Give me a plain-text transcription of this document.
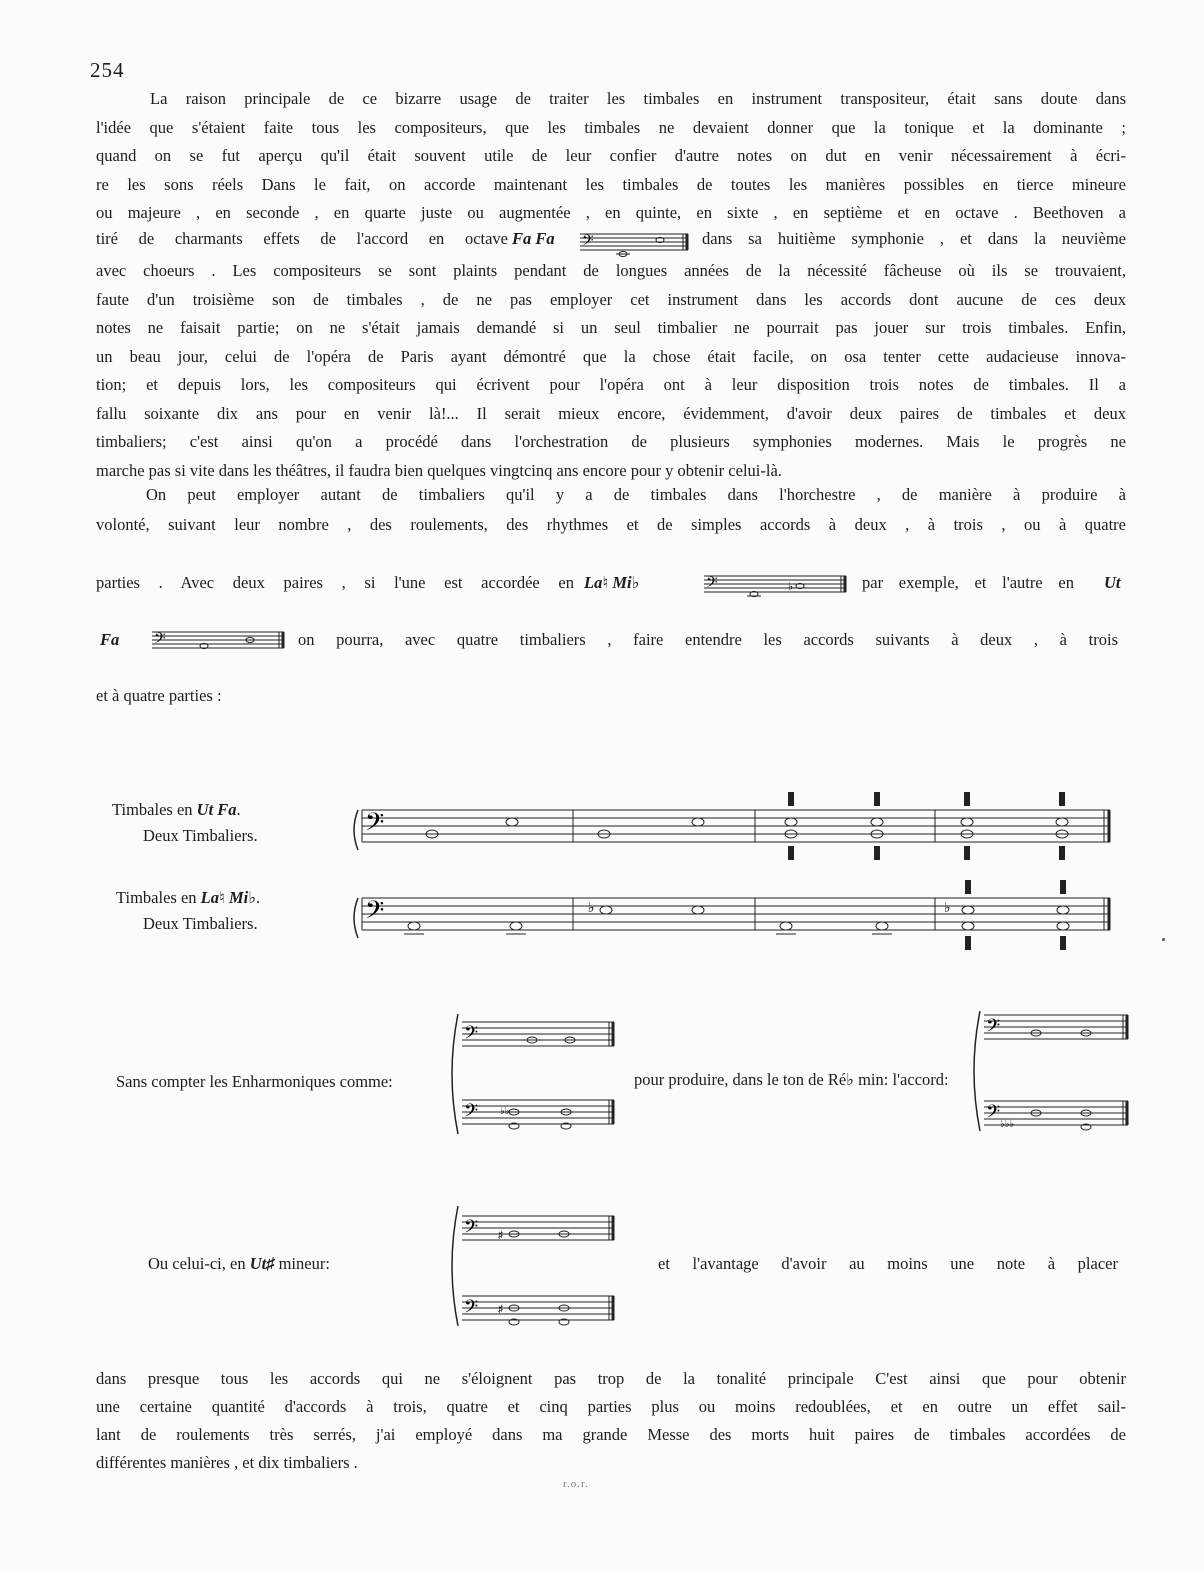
254
La raison principale de ce bizarre usage de traiter les timbales en instrument transpositeur, était sans doute dans
l'idée que s'étaient faite tous les compositeurs, que les timbales ne devaient donner que la tonique et la dominante ;
quand on se fut aperçu qu'il était souvent utile de leur confier d'autre notes on dut en venir nécessairement à écri-
re les sons réels Dans le fait, on accorde maintenant les timbales de toutes les manières possibles en tierce mineure
ou majeure , en seconde , en quarte juste ou augmentée , en quinte, en sixte , en septième et en octave . Beethoven a
tiré de charmants effets de l'accord en octave Fa Fa 𝄢	dans sa huitième symphonie , et dans la neuvième
avec choeurs . Les compositeurs se sont plaints pendant de longues années de la nécessité fâcheuse où ils se trouvaient,
faute d'un troisième son de timbales , de ne pas employer cet instrument dans les accords dont aucune de ces deux
notes ne faisait partie; on ne s'était jamais demandé si un seul timbalier ne pourrait pas jouer sur trois timbales. Enfin,
un beau jour, celui de l'opéra de Paris ayant démontré que la chose était facile, on osa tenter cette audacieuse innova-
tion; et depuis lors, les compositeurs qui écrivent pour l'opéra ont à leur disposition trois notes de timbales. Il a
fallu soixante dix ans pour en venir là!... Il serait mieux encore, évidemment, d'avoir deux paires de timbales et deux
timbaliers; c'est ainsi qu'on a procédé dans l'orchestration de plusieurs symphonies modernes. Mais le progrès ne
marche pas si vite dans les théâtres, il faudra bien quelques vingtcinq ans encore pour y obtenir celui-là.
On peut employer autant de timbaliers qu'il y a de timbales dans l'horchestre , de manière à produire à
volonté, suivant leur nombre , des roulements, des rhythmes et de simples accords à deux , à trois , ou à quatre
parties . Avec deux paires , si l'une est accordée en La♮ Mi♭	𝄢	♭	par exemple, et l'autre en Ut
Fa 𝄢	on pourra, avec quatre timbaliers , faire entendre les accords suivants à deux , à trois
et à quatre parties :
Timbales en Ut Fa.
Deux Timbaliers.	𝄢
Timbales en La♮ Mi♭.
Deux Timbaliers.	𝄢	♭	♭
Sans compter les Enharmoniques comme:
𝄢
𝄢 ♭♭
pour produire, dans le ton de Ré♭ min: l'accord:
𝄢
𝄢 ♭♭♭
Ou celui-ci, en Ut♯ mineur:
𝄢 ♯
𝄢 ♯
et l'avantage d'avoir au moins une note à placer
dans presque tous les accords qui ne s'éloignent pas trop de la tonalité principale C'est ainsi que pour obtenir
une certaine quantité d'accords à trois, quatre et cinq parties plus ou moins redoublées, et en outre un effet sail-
lant de roulements très serrés, j'ai employé dans ma grande Messe des morts huit paires de timbales accordées de
différentes manières , et dix timbaliers .
r.o.r.
